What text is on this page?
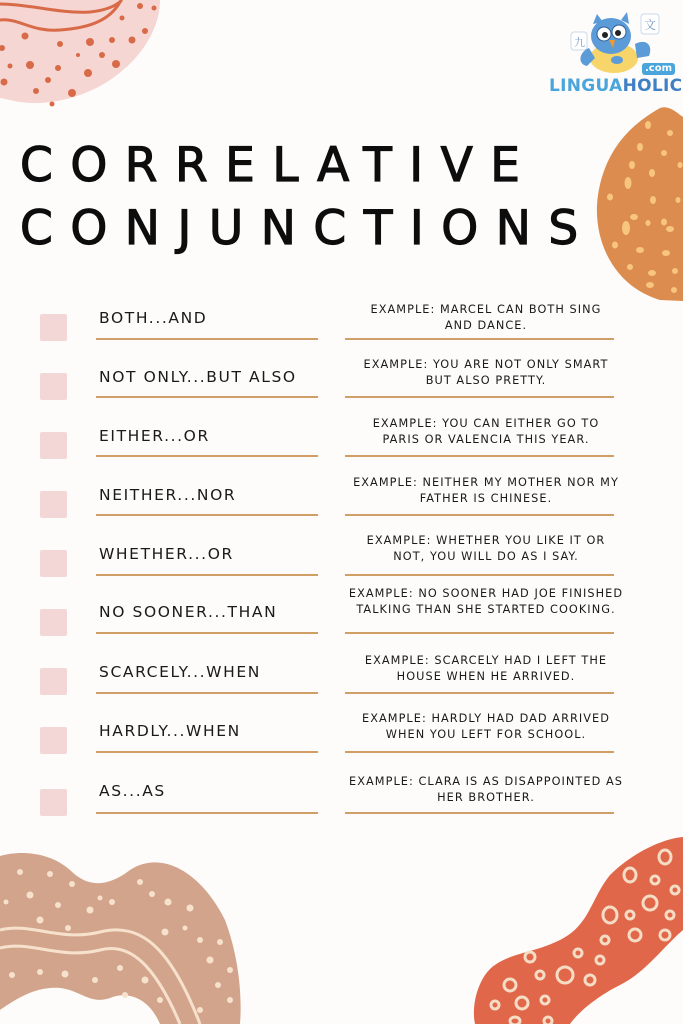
九
文
.com
LINGUAHOLIC
CORRELATIVE
CONJUNCTIONS
BOTH...AND	EXAMPLE: MARCEL CAN BOTH SING
AND DANCE.
NOT ONLY...BUT ALSO
EXAMPLE: YOU ARE NOT ONLY SMART
BUT ALSO PRETTY.
EITHER...OR
EXAMPLE: YOU CAN EITHER GO TO
PARIS OR VALENCIA THIS YEAR.
NEITHER...NOR
EXAMPLE: NEITHER MY MOTHER NOR MY
FATHER IS CHINESE.
WHETHER...OR
EXAMPLE: WHETHER YOU LIKE IT OR
NOT, YOU WILL DO AS I SAY.
NO SOONER...THAN
EXAMPLE: NO SOONER HAD JOE FINISHED
TALKING THAN SHE STARTED COOKING.
SCARCELY...WHEN
EXAMPLE: SCARCELY HAD I LEFT THE
HOUSE WHEN HE ARRIVED.
HARDLY...WHEN
EXAMPLE: HARDLY HAD DAD ARRIVED
WHEN YOU LEFT FOR SCHOOL.
AS...AS
EXAMPLE: CLARA IS AS DISAPPOINTED AS
HER BROTHER.
